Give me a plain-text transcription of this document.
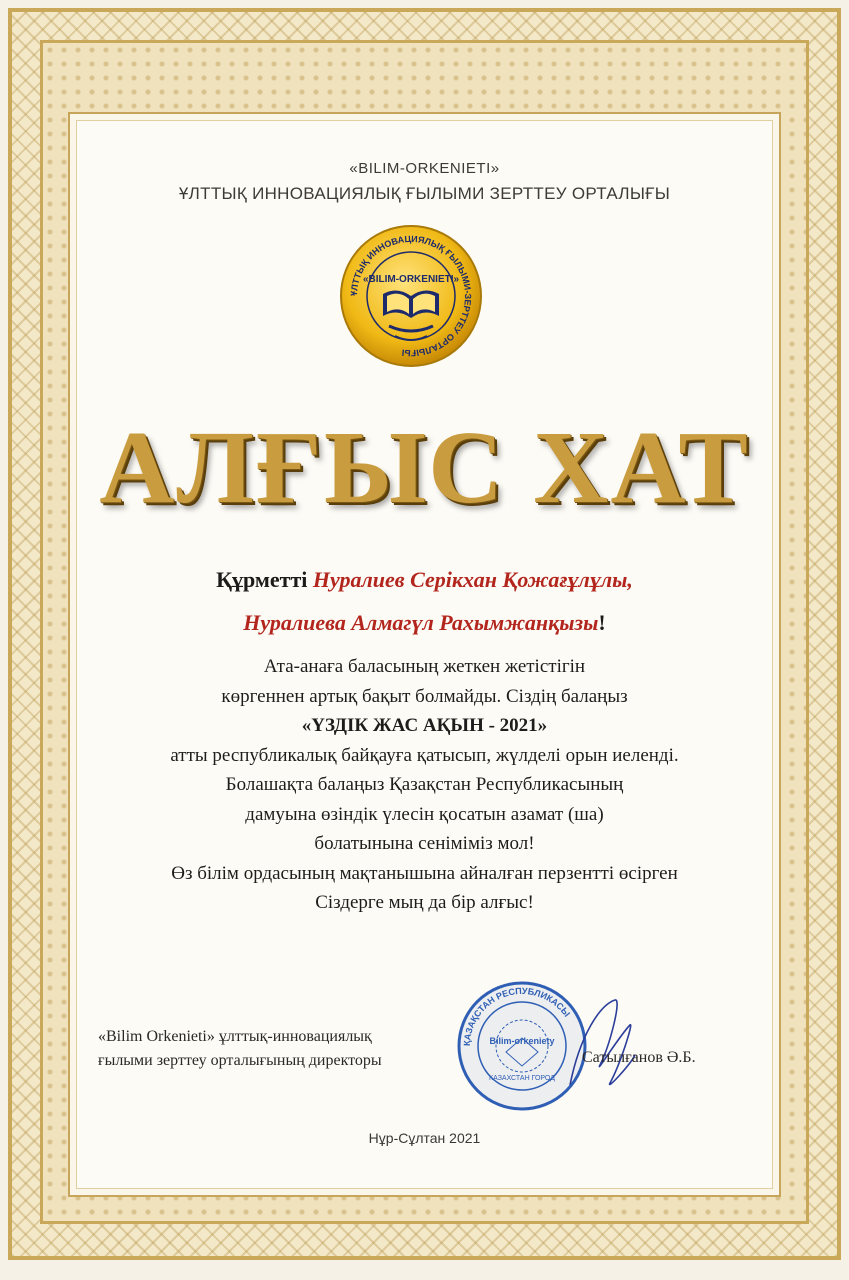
«BILIM-ORKENIETI»
ҰЛТТЫҚ ИННОВАЦИЯЛЫҚ ҒЫЛЫМИ ЗЕРТТЕУ ОРТАЛЫҒЫ
ҰЛТТЫҚ ИННОВАЦИЯЛЫҚ ҒЫЛЫМИ-ЗЕРТТЕУ ОРТАЛЫҒЫ
«BILIM-ORKENIETI»
АЛҒЫС ХАТ
Құрметті Нуралиев Серікхан Қожағұлұлы,
Нуралиева Алмагүл Рахымжанқызы!
Ата-анаға баласының жеткен жетістігін
көргеннен артық бақыт болмайды. Сіздің балаңыз
«ҮЗДІК ЖАС АҚЫН - 2021»
атты республикалық байқауға қатысып, жүлделі орын иеленді.
Болашақта балаңыз Қазақстан Республикасының
дамуына өзіндік үлесін қосатын азамат (ша)
болатынына сеніміміз мол!
Өз білім ордасының мақтанышына айналған перзентті өсірген
Сіздерге мың да бір алғыс!
«Bilim Orkenieti» ұлттық-инновациялық
ғылыми зерттеу орталығының директоры
ҚАЗАҚСТАН РЕСПУБЛИКАСЫ
Bilim-orkeniety
КАЗАХСТАН ГОРОД
Сатылғанов Ә.Б.
Нұр-Сұлтан 2021
